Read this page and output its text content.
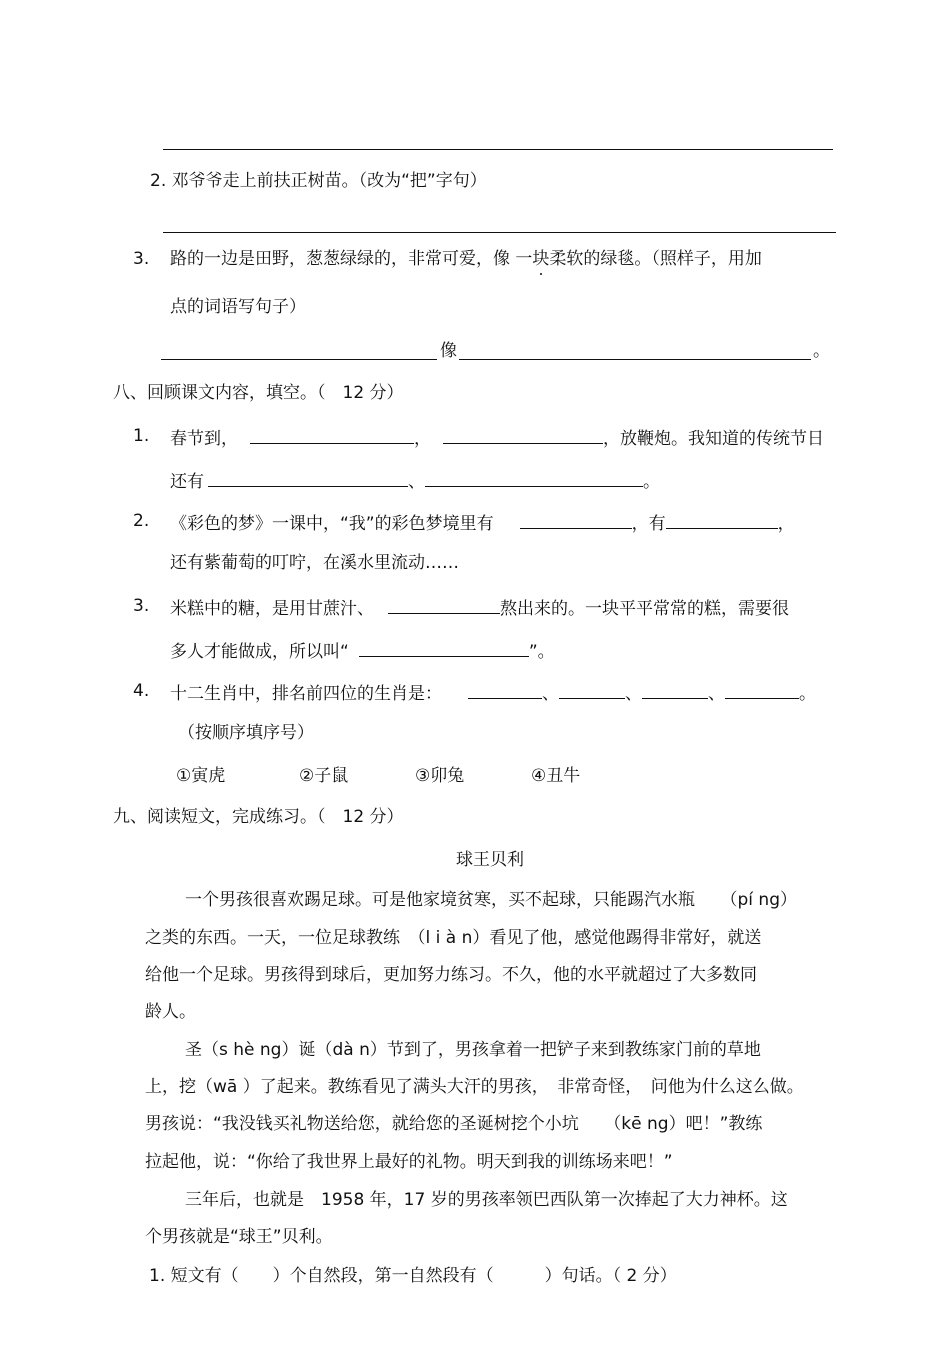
2. 邓爷爷走上前扶正树苗。（改为“把”字句）
3. 路的一边是田野，葱葱绿绿的，非常可爱，像 一块柔软的绿毯。（照样子，用加
点的词语写句子）
像	。
八、回顾课文内容，填空。（　12 分）
1. 春节到，	，	，放鞭炮。我知道的传统节日
还有	、	。
2. 《彩色的梦》一课中，“我”的彩色梦境里有	，有	，
还有紫葡萄的叮咛，在溪水里流动……
3. 米糕中的糖，是用甘蔗汁、	熬出来的。一块平平常常的糕，需要很
多人才能做成，所以叫“	”。
4. 十二生肖中，排名前四位的生肖是：	、	、	、	。
（按顺序填序号）
①寅虎	②子鼠	③卯兔	④丑牛
九、阅读短文，完成练习。（　12 分）
球王贝利
一个男孩很喜欢踢足球。可是他家境贫寒，买不起球，只能踢汽水瓶　　（pí ng）
之类的东西。一天，一位足球教练　（l i à n）看见了他，感觉他踢得非常好，就送
给他一个足球。男孩得到球后，更加努力练习。不久，他的水平就超过了大多数同
龄人。
圣（s hè ng）诞（dà n）节到了，男孩拿着一把铲子来到教练家门前的草地
上，挖（wā ）了起来。教练看见了满头大汗的男孩，　非常奇怪，　问他为什么这么做。
男孩说：“我没钱买礼物送给您，就给您的圣诞树挖个小坑　　（kē ng）吧！”教练
拉起他，说：“你给了我世界上最好的礼物。明天到我的训练场来吧！”
三年后，也就是　1958 年，17 岁的男孩率领巴西队第一次捧起了大力神杯。这
个男孩就是“球王”贝利。
1. 短文有（　　）个自然段，第一自然段有（　　　）句话。（ 2 分）
